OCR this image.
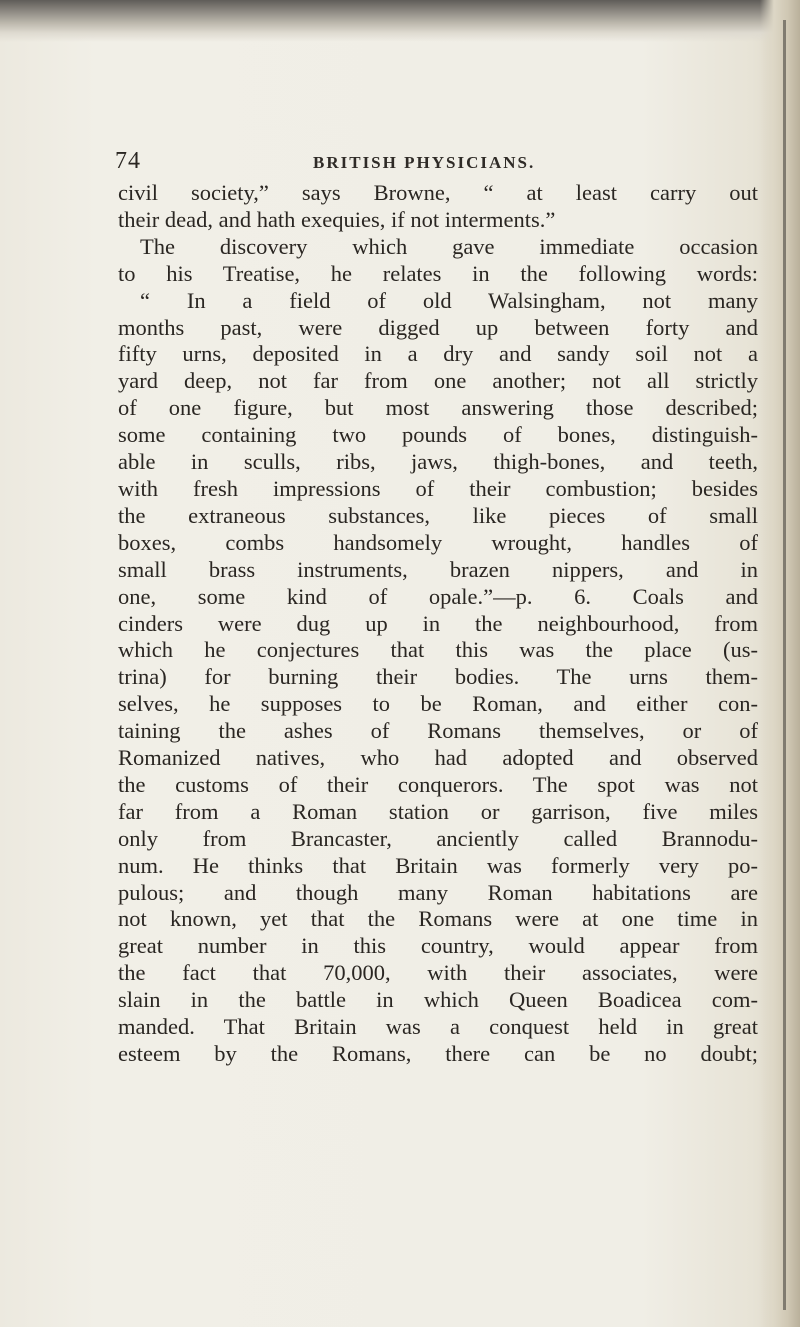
74	BRITISH PHYSICIANS.
civil society,” says Browne, “ at least carry out
their dead, and hath exequies, if not interments.”
The discovery which gave immediate occasion
to his Treatise, he relates in the following words:
“ In a field of old Walsingham, not many
months past, were digged up between forty and
fifty urns, deposited in a dry and sandy soil not a
yard deep, not far from one another; not all strictly
of one figure, but most answering those described;
some containing two pounds of bones, distinguish-
able in sculls, ribs, jaws, thigh-bones, and teeth,
with fresh impressions of their combustion; besides
the extraneous substances, like pieces of small
boxes, combs handsomely wrought, handles of
small brass instruments, brazen nippers, and in
one, some kind of opale.”—p. 6. Coals and
cinders were dug up in the neighbourhood, from
which he conjectures that this was the place (us-
trina) for burning their bodies. The urns them-
selves, he supposes to be Roman, and either con-
taining the ashes of Romans themselves, or of
Romanized natives, who had adopted and observed
the customs of their conquerors. The spot was not
far from a Roman station or garrison, five miles
only from Brancaster, anciently called Brannodu-
num. He thinks that Britain was formerly very po-
pulous; and though many Roman habitations are
not known, yet that the Romans were at one time in
great number in this country, would appear from
the fact that 70,000, with their associates, were
slain in the battle in which Queen Boadicea com-
manded. That Britain was a conquest held in great
esteem by the Romans, there can be no doubt;
